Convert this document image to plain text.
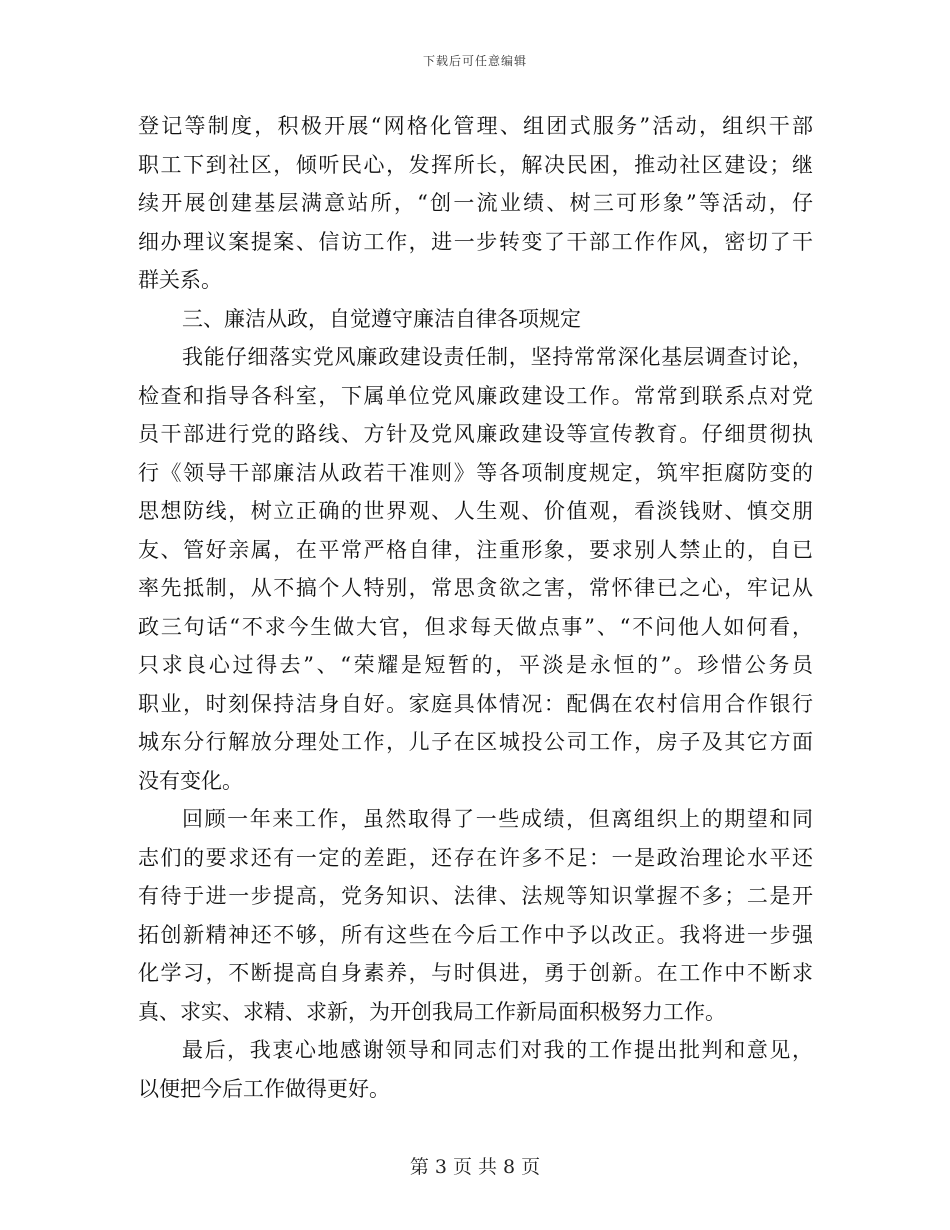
下载后可任意编辑
登记等制度，积极开展“网格化管理、组团式服务”活动，组织干部
职工下到社区，倾听民心，发挥所长，解决民困，推动社区建设；继
续开展创建基层满意站所，“创一流业绩、树三可形象”等活动，仔
细办理议案提案、信访工作，进一步转变了干部工作作风，密切了干
群关系。
三、廉洁从政，自觉遵守廉洁自律各项规定
我能仔细落实党风廉政建设责任制，坚持常常深化基层调查讨论，
检查和指导各科室，下属单位党风廉政建设工作。常常到联系点对党
员干部进行党的路线、方针及党风廉政建设等宣传教育。仔细贯彻执
行《领导干部廉洁从政若干准则》等各项制度规定，筑牢拒腐防变的
思想防线，树立正确的世界观、人生观、价值观，看淡钱财、慎交朋
友、管好亲属，在平常严格自律，注重形象，要求别人禁止的，自已
率先抵制，从不搞个人特别，常思贪欲之害，常怀律已之心，牢记从
政三句话“不求今生做大官，但求每天做点事”、“不问他人如何看，
只求良心过得去”、“荣耀是短暂的，平淡是永恒的”。珍惜公务员
职业，时刻保持洁身自好。家庭具体情况：配偶在农村信用合作银行
城东分行解放分理处工作，儿子在区城投公司工作，房子及其它方面
没有变化。
回顾一年来工作，虽然取得了一些成绩，但离组织上的期望和同
志们的要求还有一定的差距，还存在许多不足：一是政治理论水平还
有待于进一步提高，党务知识、法律、法规等知识掌握不多；二是开
拓创新精神还不够，所有这些在今后工作中予以改正。我将进一步强
化学习，不断提高自身素养，与时俱进，勇于创新。在工作中不断求
真、求实、求精、求新，为开创我局工作新局面积极努力工作。
最后，我衷心地感谢领导和同志们对我的工作提出批判和意见，
以便把今后工作做得更好。
第 3 页 共 8 页
